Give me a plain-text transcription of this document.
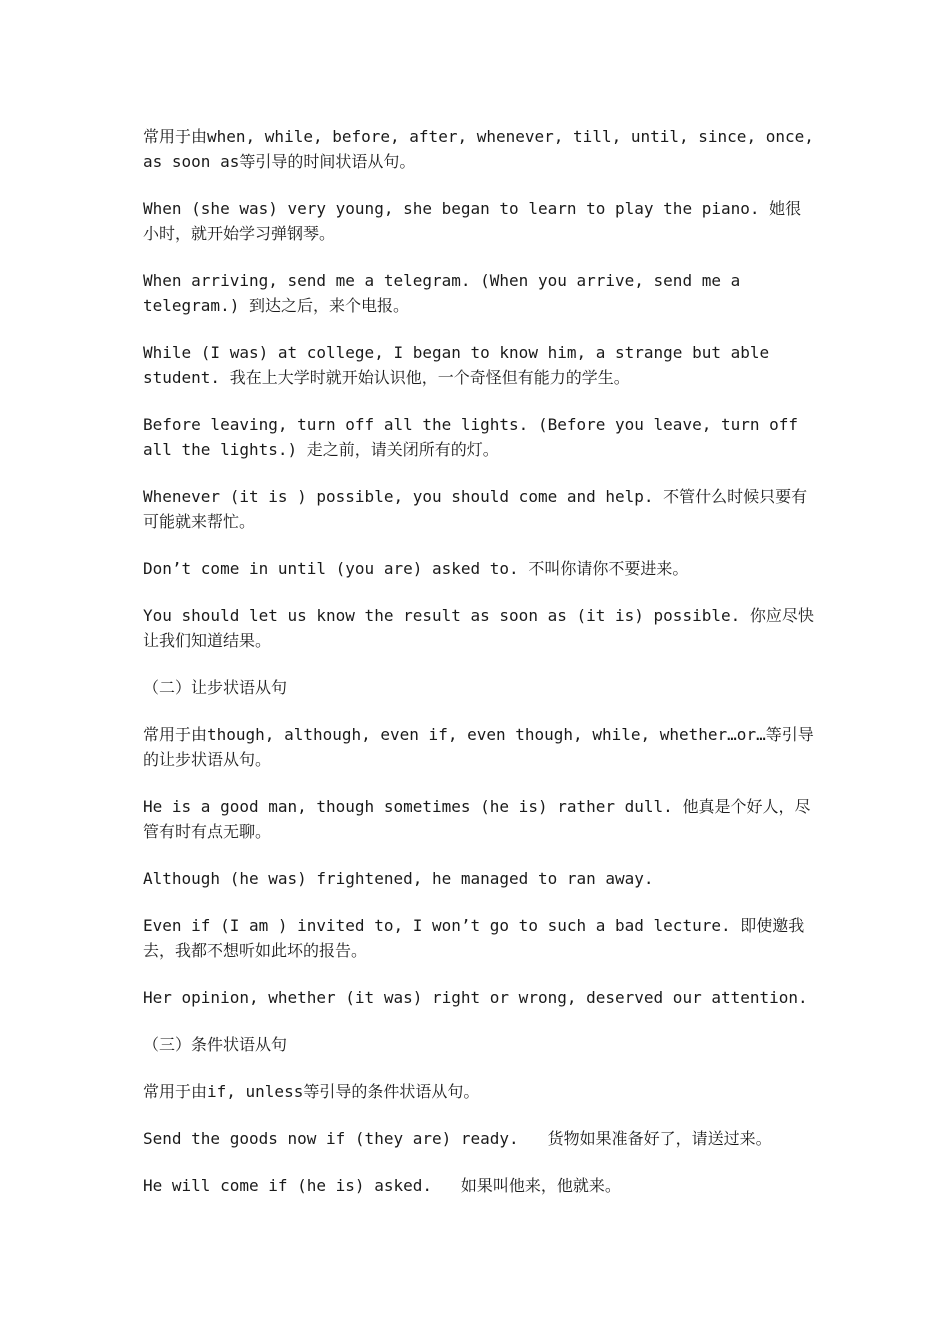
常用于由when, while, before, after, whenever, till, until, since, once, as soon as等引导的时间状语从句。

When (she was) very young, she began to learn to play the piano. 她很小时，就开始学习弹钢琴。

When arriving, send me a telegram. (When you arrive, send me a telegram.) 到达之后，来个电报。

While (I was) at college, I began to know him, a strange but able student. 我在上大学时就开始认识他，一个奇怪但有能力的学生。

Before leaving, turn off all the lights. (Before you leave, turn off all the lights.) 走之前，请关闭所有的灯。

Whenever (it is ) possible, you should come and help. 不管什么时候只要有可能就来帮忙。

Don’t come in until (you are) asked to. 不叫你请你不要进来。

You should let us know the result as soon as (it is) possible. 你应尽快让我们知道结果。

（二）让步状语从句

常用于由though, although, even if, even though, while, whether…or…等引导的让步状语从句。

He is a good man, though sometimes (he is) rather dull. 他真是个好人，尽管有时有点无聊。

Although (he was) frightened, he managed to ran away.

Even if (I am ) invited to, I won’t go to such a bad lecture. 即使邀我去，我都不想听如此坏的报告。

Her opinion, whether (it was) right or wrong, deserved our attention.

（三）条件状语从句

常用于由if, unless等引导的条件状语从句。

Send the goods now if (they are) ready.   货物如果准备好了，请送过来。

He will come if (he is) asked.   如果叫他来，他就来。
